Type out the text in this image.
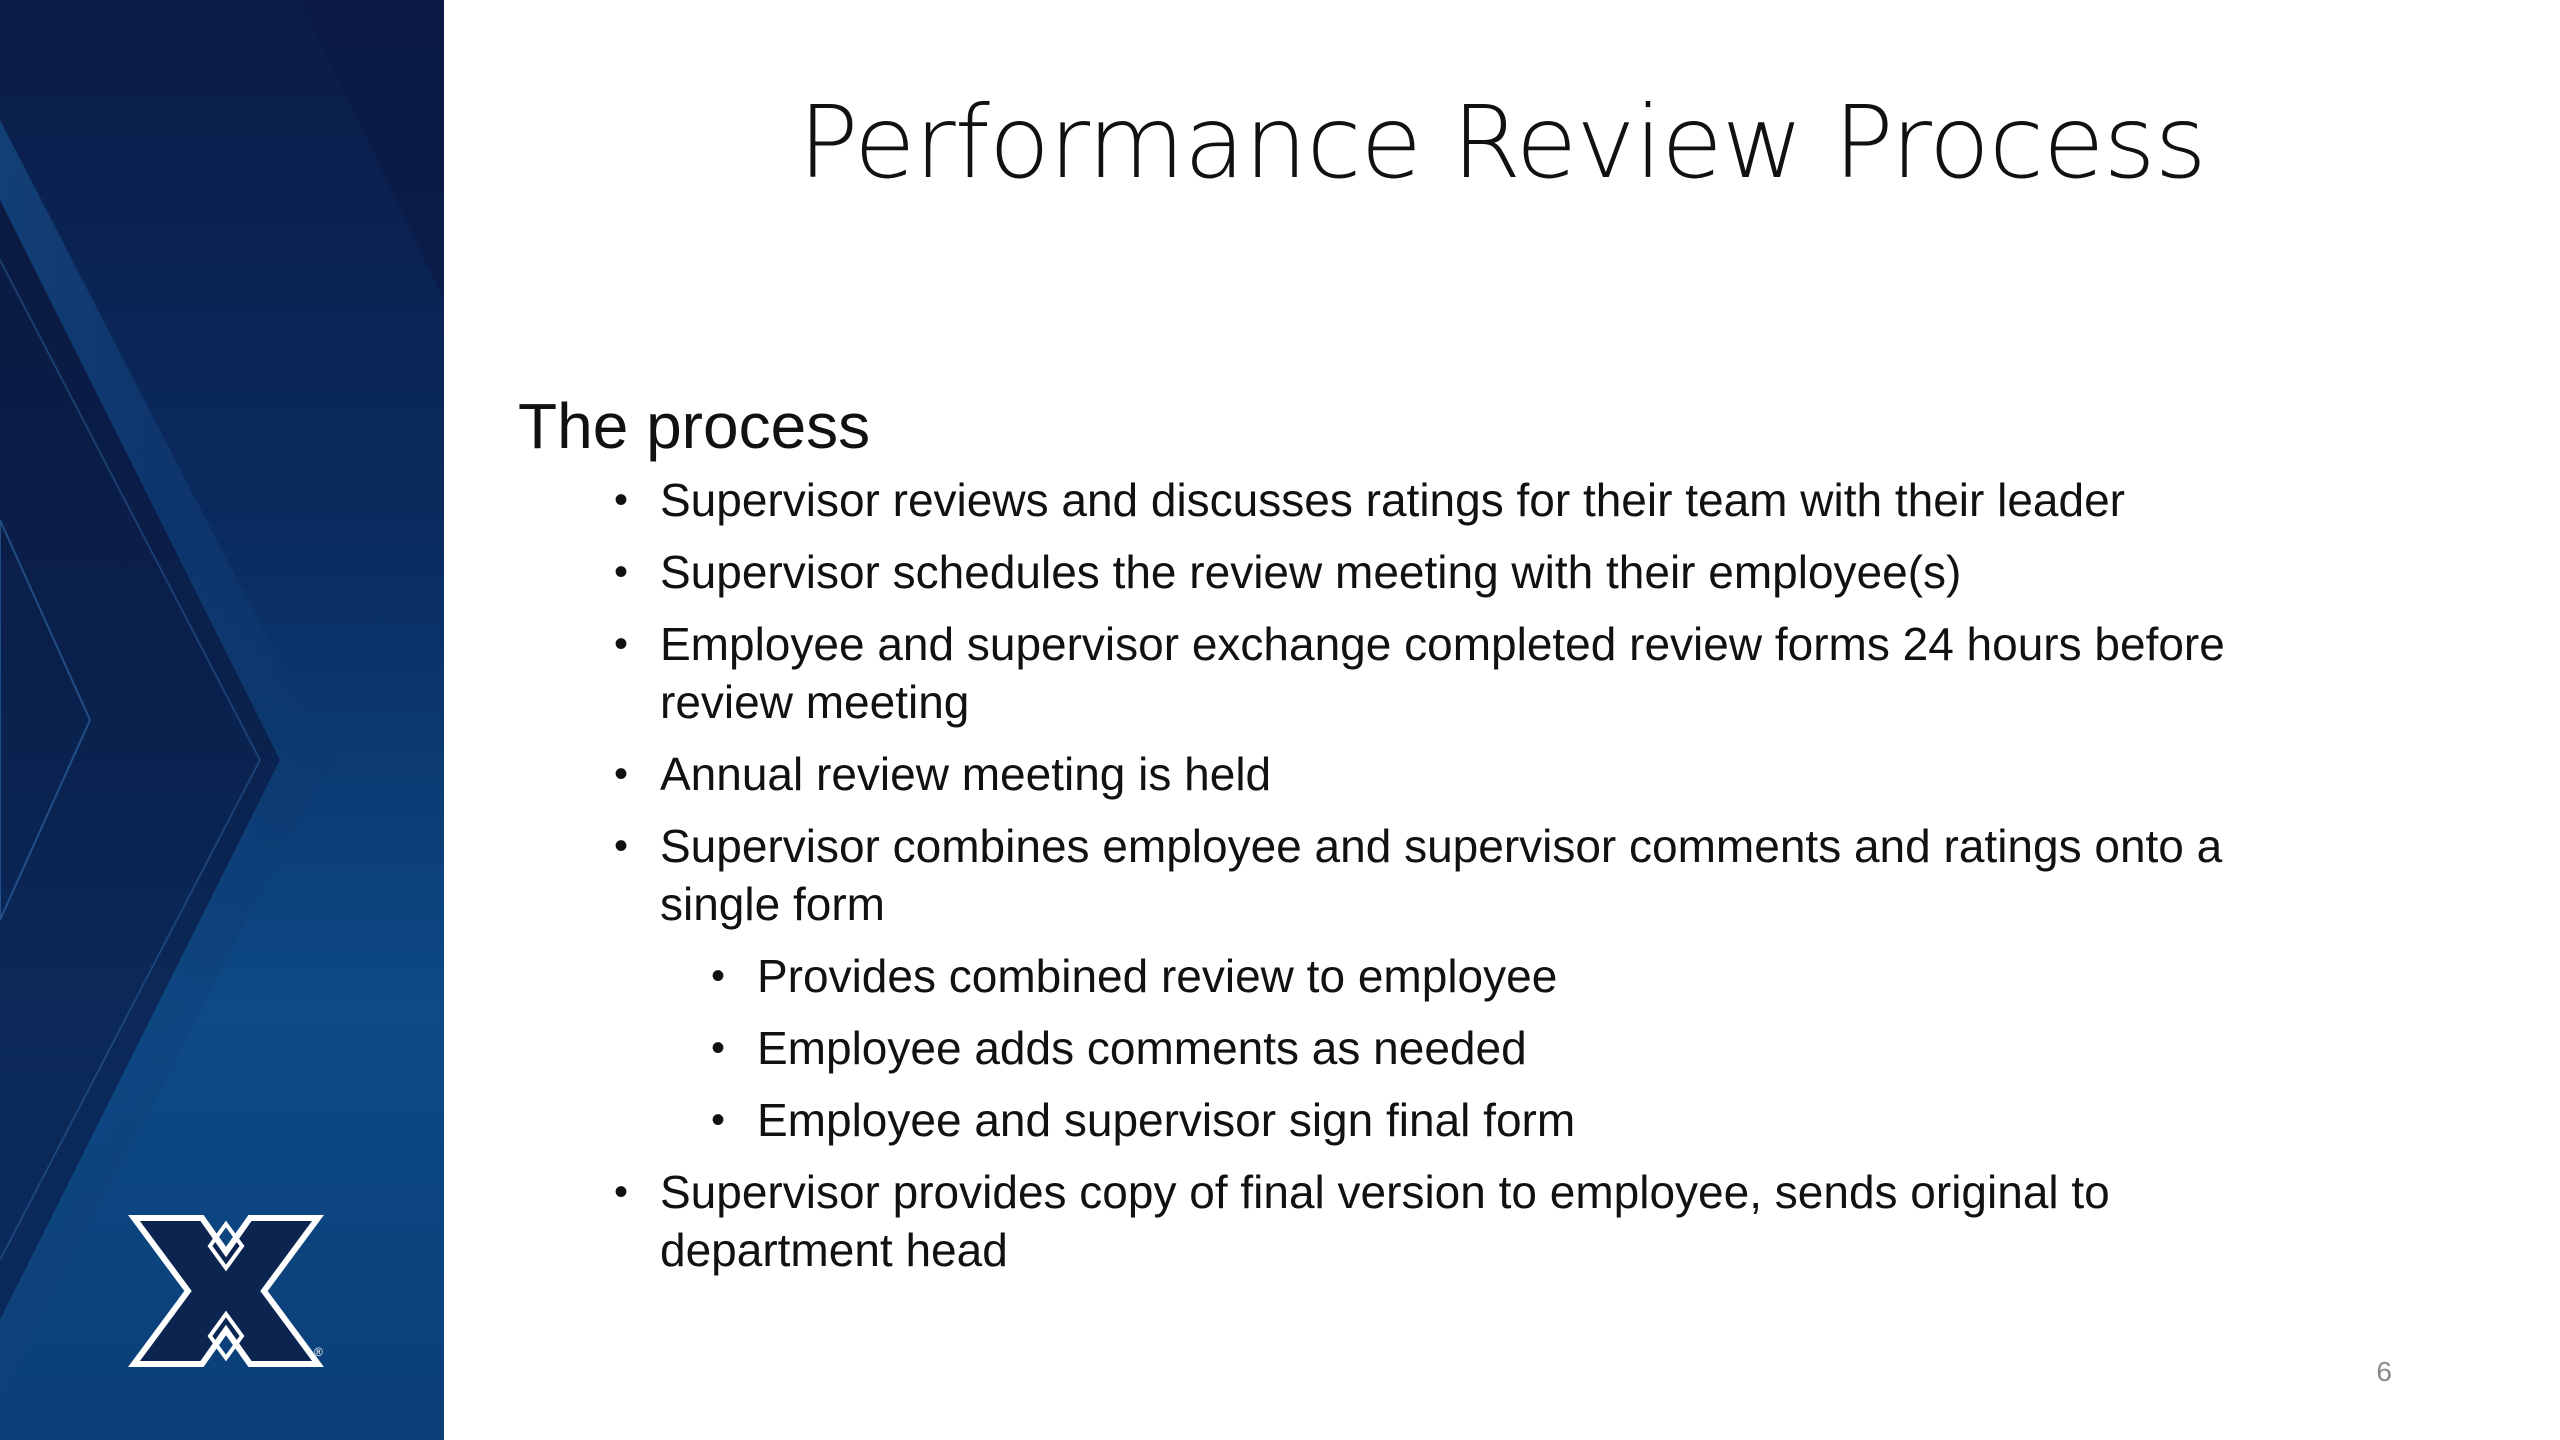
®
Performance Review Process
The process
• Supervisor reviews and discusses ratings for their team with their leader
• Supervisor schedules the review meeting with their employee(s)
• Employee and supervisor exchange completed review forms 24 hours before review meeting
• Annual review meeting is held
• Supervisor combines employee and supervisor comments and ratings onto a single form
• Provides combined review to employee
• Employee adds comments as needed
• Employee and supervisor sign final form
• Supervisor provides copy of final version to employee, sends original to department head
6
